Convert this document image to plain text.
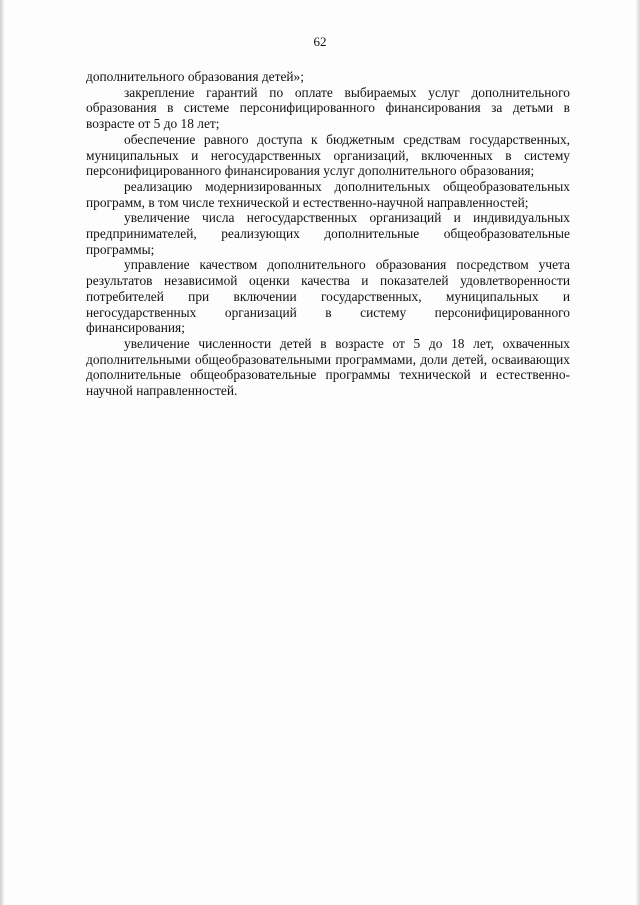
62

дополнительного образования детей»;

закрепление гарантий по оплате выбираемых услуг дополнительного образования в системе персонифицированного финансирования за детьми в возрасте от 5 до 18 лет;

обеспечение равного доступа к бюджетным средствам государственных, муниципальных и негосударственных организаций, включенных в систему персонифицированного финансирования услуг дополнительного образования;

реализацию модернизированных дополнительных общеобразовательных программ, в том числе технической и естественно-научной направленностей;

увеличение числа негосударственных организаций и индивидуальных предпринимателей, реализующих дополнительные общеобразовательные программы;

управление качеством дополнительного образования посредством учета результатов независимой оценки качества и показателей удовлетворенности потребителей при включении государственных, муниципальных и негосударственных организаций в систему персонифицированного финансирования;

увеличение численности детей в возрасте от 5 до 18 лет, охваченных дополнительными общеобразовательными программами, доли детей, осваивающих дополнительные общеобразовательные программы технической и естественно-научной направленностей.
